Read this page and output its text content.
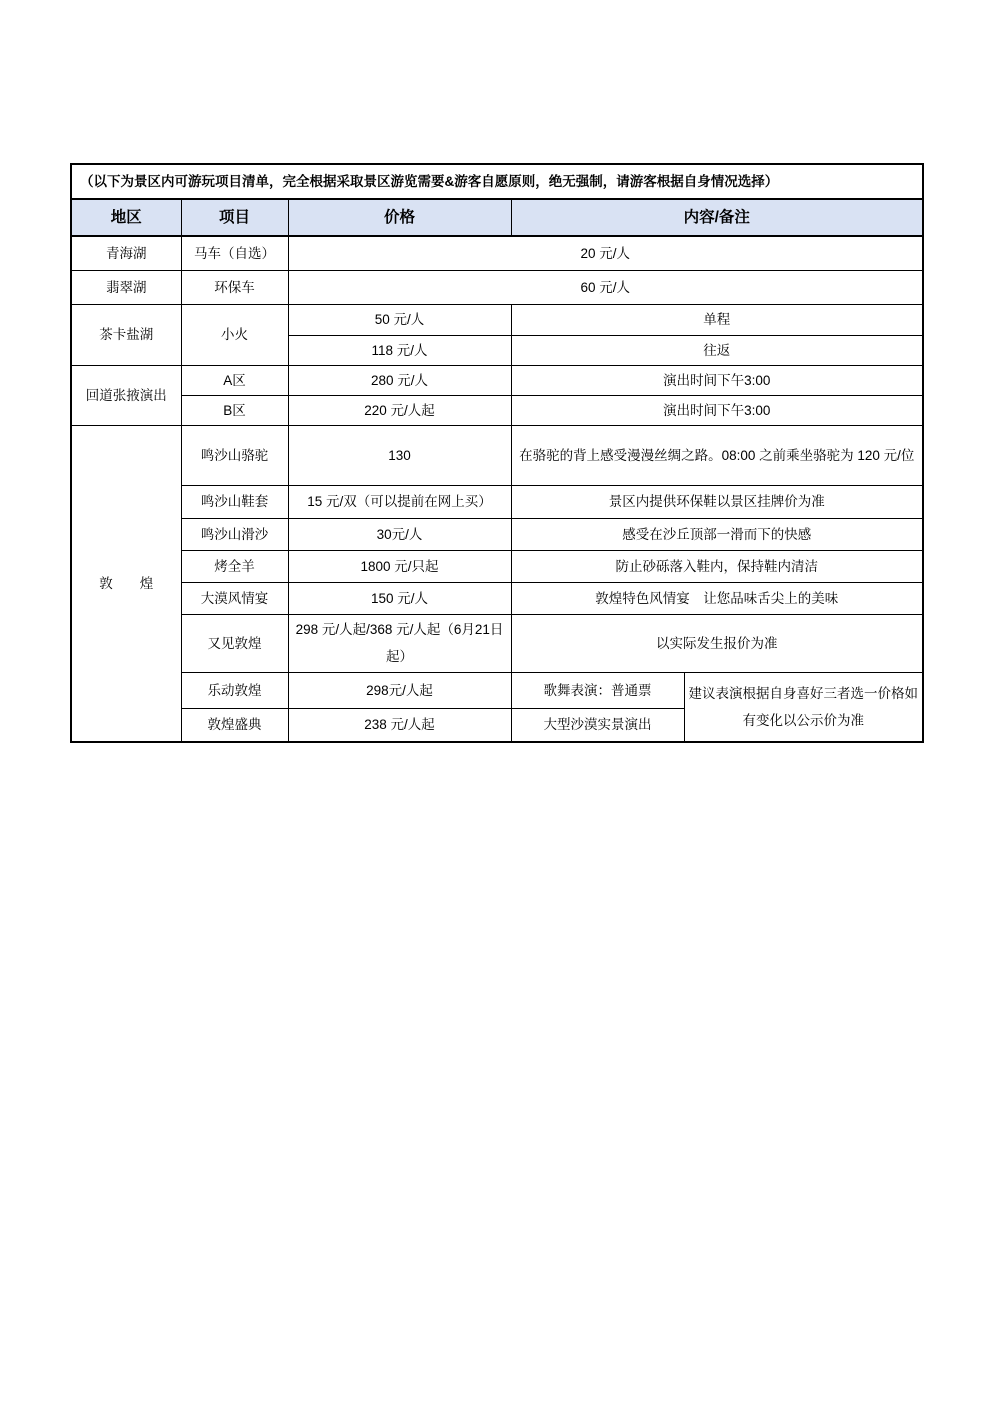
（以下为景区内可游玩项目清单，完全根据采取景区游览需要&游客自愿原则，绝无强制，请游客根据自身情况选择）				
地区	项目	价格	内容/备注	
青海湖	马车（自选）	20 元/人		
翡翠湖	环保车	60 元/人		
茶卡盐湖	小火	50 元/人	单程	
		118 元/人	往返	
回道张掖演出	A区	280 元/人	演出时间下午3:00	
	B区	220 元/人起	演出时间下午3:00	
敦　　煌	鸣沙山骆驼	130	在骆驼的背上感受漫漫丝绸之路。08:00 之前乘坐骆驼为 120 元/位	
	鸣沙山鞋套	15 元/双（可以提前在网上买）	景区内提供环保鞋以景区挂牌价为准	
	鸣沙山滑沙	30元/人	感受在沙丘顶部一滑而下的快感	
	烤全羊	1800 元/只起	防止砂砾落入鞋内，保持鞋内清洁	
	大漠风情宴	150 元/人	敦煌特色风情宴　让您品味舌尖上的美味	
	又见敦煌	298 元/人起/368 元/人起（6月21日起）	以实际发生报价为准	
	乐动敦煌	298元/人起	歌舞表演：普通票	建议表演根据自身喜好三者选一价格如有变化以公示价为准
	敦煌盛典	238 元/人起	大型沙漠实景演出	
